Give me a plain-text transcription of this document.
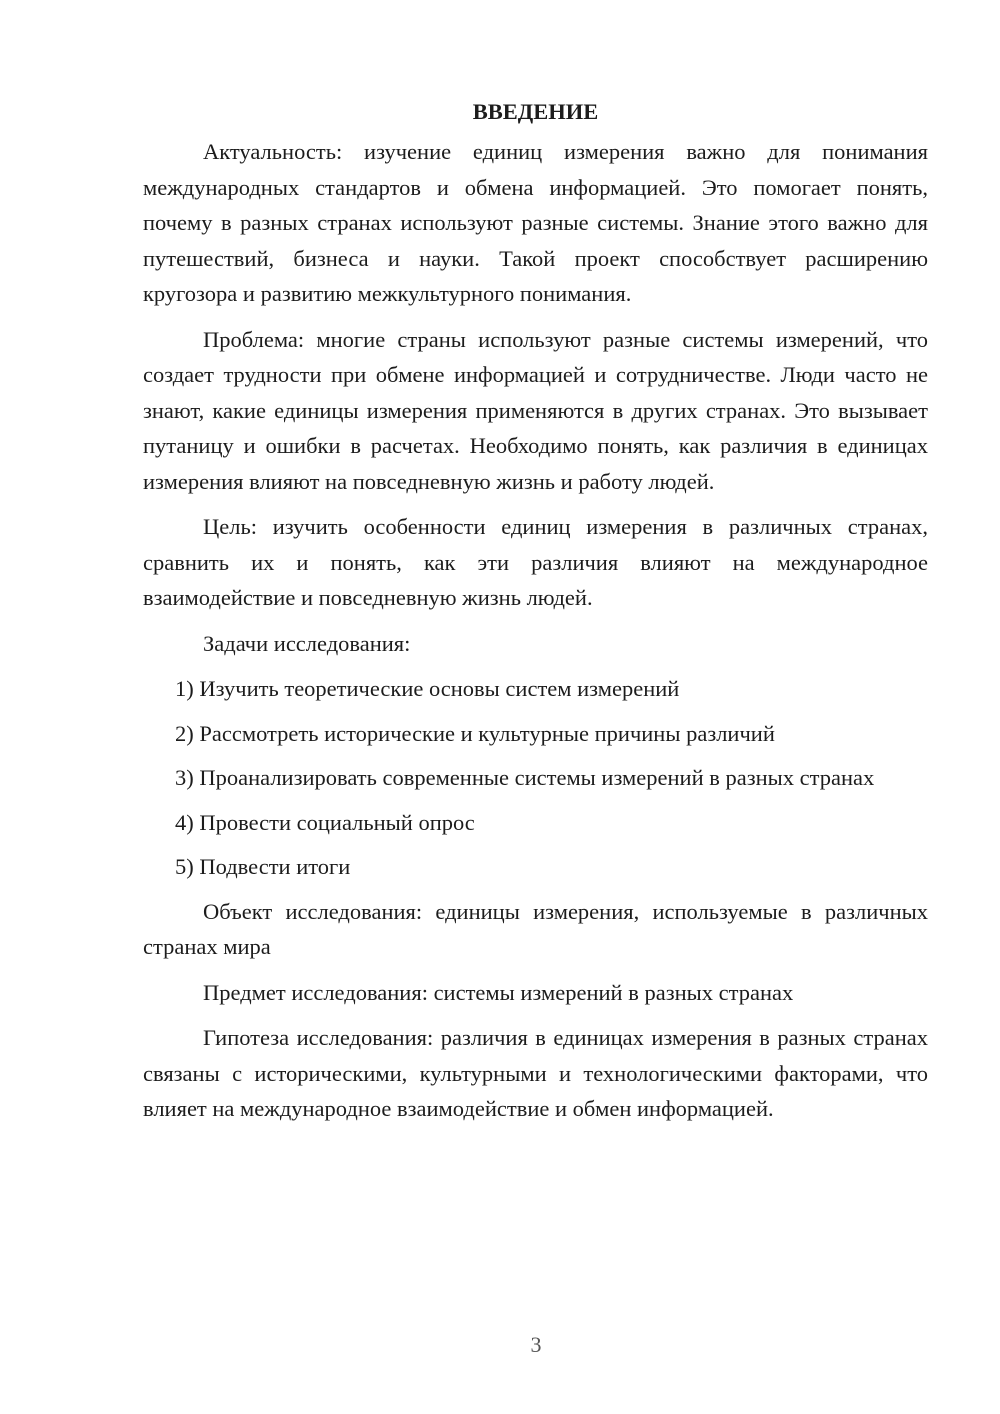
ВВЕДЕНИЕ

Актуальность: изучение единиц измерения важно для понимания международных стандартов и обмена информацией. Это помогает понять, почему в разных странах используют разные системы. Знание этого важно для путешествий, бизнеса и науки. Такой проект способствует расширению кругозора и развитию межкультурного понимания.

Проблема: многие страны используют разные системы измерений, что создает трудности при обмене информацией и сотрудничестве. Люди часто не знают, какие единицы измерения применяются в других странах. Это вызывает путаницу и ошибки в расчетах. Необходимо понять, как различия в единицах измерения влияют на повседневную жизнь и работу людей.

Цель: изучить особенности единиц измерения в различных странах, сравнить их и понять, как эти различия влияют на международное взаимодействие и повседневную жизнь людей.

Задачи исследования:

1) Изучить теоретические основы систем измерений

2) Рассмотреть исторические и культурные причины различий

3) Проанализировать современные системы измерений в разных странах

4) Провести социальный опрос

5) Подвести итоги

Объект исследования: единицы измерения, используемые в различных странах мира

Предмет исследования: системы измерений в разных странах

Гипотеза исследования: различия в единицах измерения в разных странах связаны с историческими, культурными и технологическими факторами, что влияет на международное взаимодействие и обмен информацией.

3
